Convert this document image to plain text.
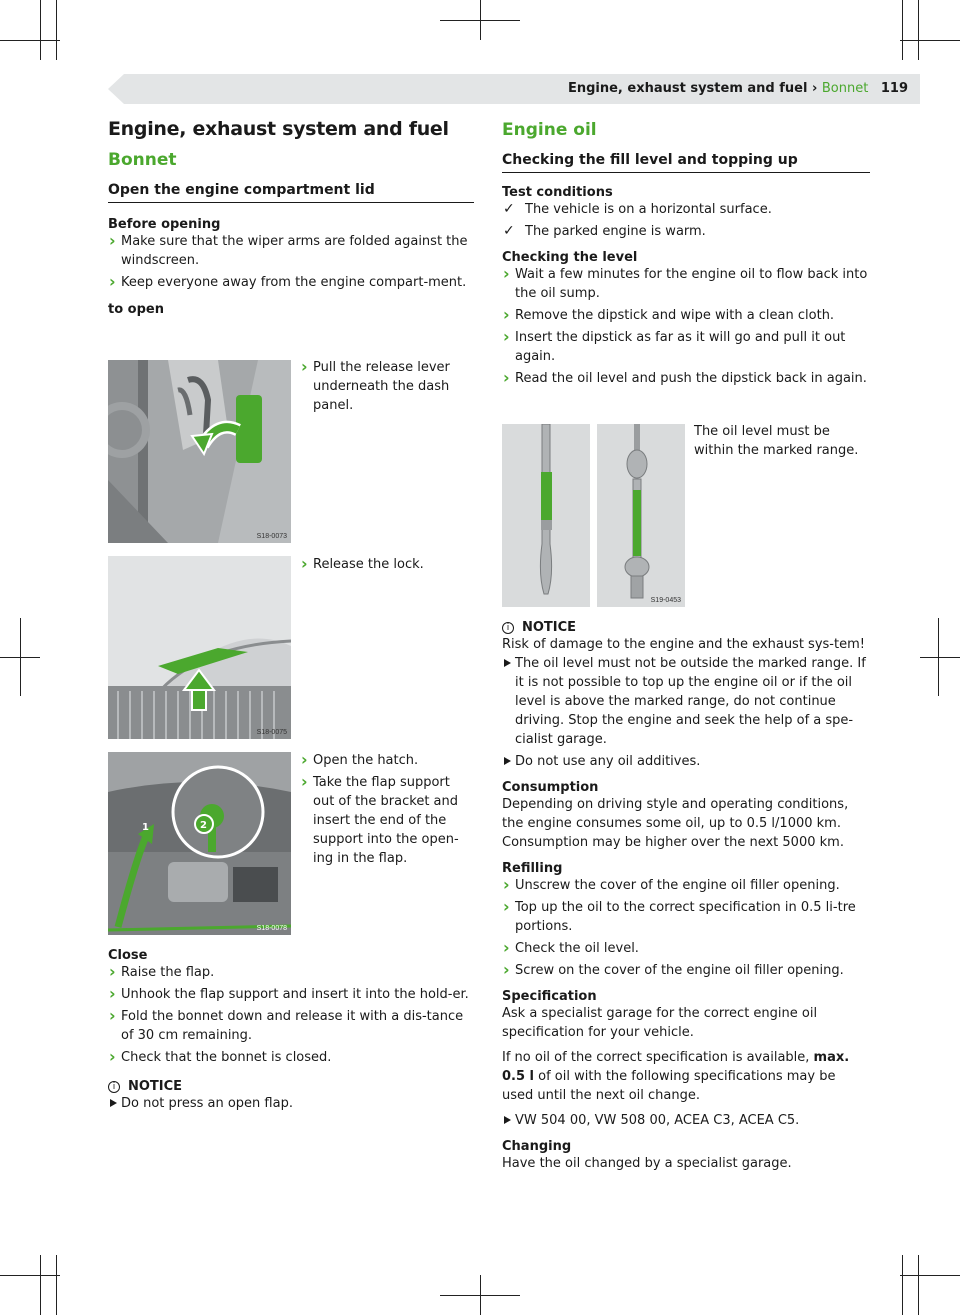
Engine, exhaust system and fuel › Bonnet 119
Engine, exhaust system and fuel
Bonnet
Open the engine compartment lid
Before opening
› Make sure that the wiper arms are folded against the windscreen.
› Keep everyone away from the engine compart-ment.
to open
S18-0073
› Pull the release lever underneath the dash panel.
S18-0075
› Release the lock.
1	2
S18-0078
› Open the hatch.
› Take the flap support out of the bracket and insert the end of the support into the open-ing in the flap.
Close
› Raise the flap.
› Unhook the flap support and insert it into the hold-er.
› Fold the bonnet down and release it with a dis-tance of 30 cm remaining.
› Check that the bonnet is closed.
i NOTICE
Do not press an open flap.
Engine oil
Checking the fill level and topping up
Test conditions
✓ The vehicle is on a horizontal surface.
✓ The parked engine is warm.
Checking the level
› Wait a few minutes for the engine oil to flow back into the oil sump.
› Remove the dipstick and wipe with a clean cloth.
› Insert the dipstick as far as it will go and pull it out again.
› Read the oil level and push the dipstick back in again.
S19-0453
The oil level must be within the marked range.
i NOTICE
Risk of damage to the engine and the exhaust sys-tem!
The oil level must not be outside the marked range. If it is not possible to top up the engine oil or if the oil level is above the marked range, do not continue driving. Stop the engine and seek the help of a spe-cialist garage.
Do not use any oil additives.
Consumption
Depending on driving style and operating conditions, the engine consumes some oil, up to 0.5 l/1000 km. Consumption may be higher over the next 5000 km.
Refilling
› Unscrew the cover of the engine oil filler opening.
› Top up the oil to the correct specification in 0.5 li-tre portions.
› Check the oil level.
› Screw on the cover of the engine oil filler opening.
Specification
Ask a specialist garage for the correct engine oil specification for your vehicle.
If no oil of the correct specification is available, max. 0.5 l of oil with the following specifications may be used until the next oil change.
VW 504 00, VW 508 00, ACEA C3, ACEA C5.
Changing
Have the oil changed by a specialist garage.
